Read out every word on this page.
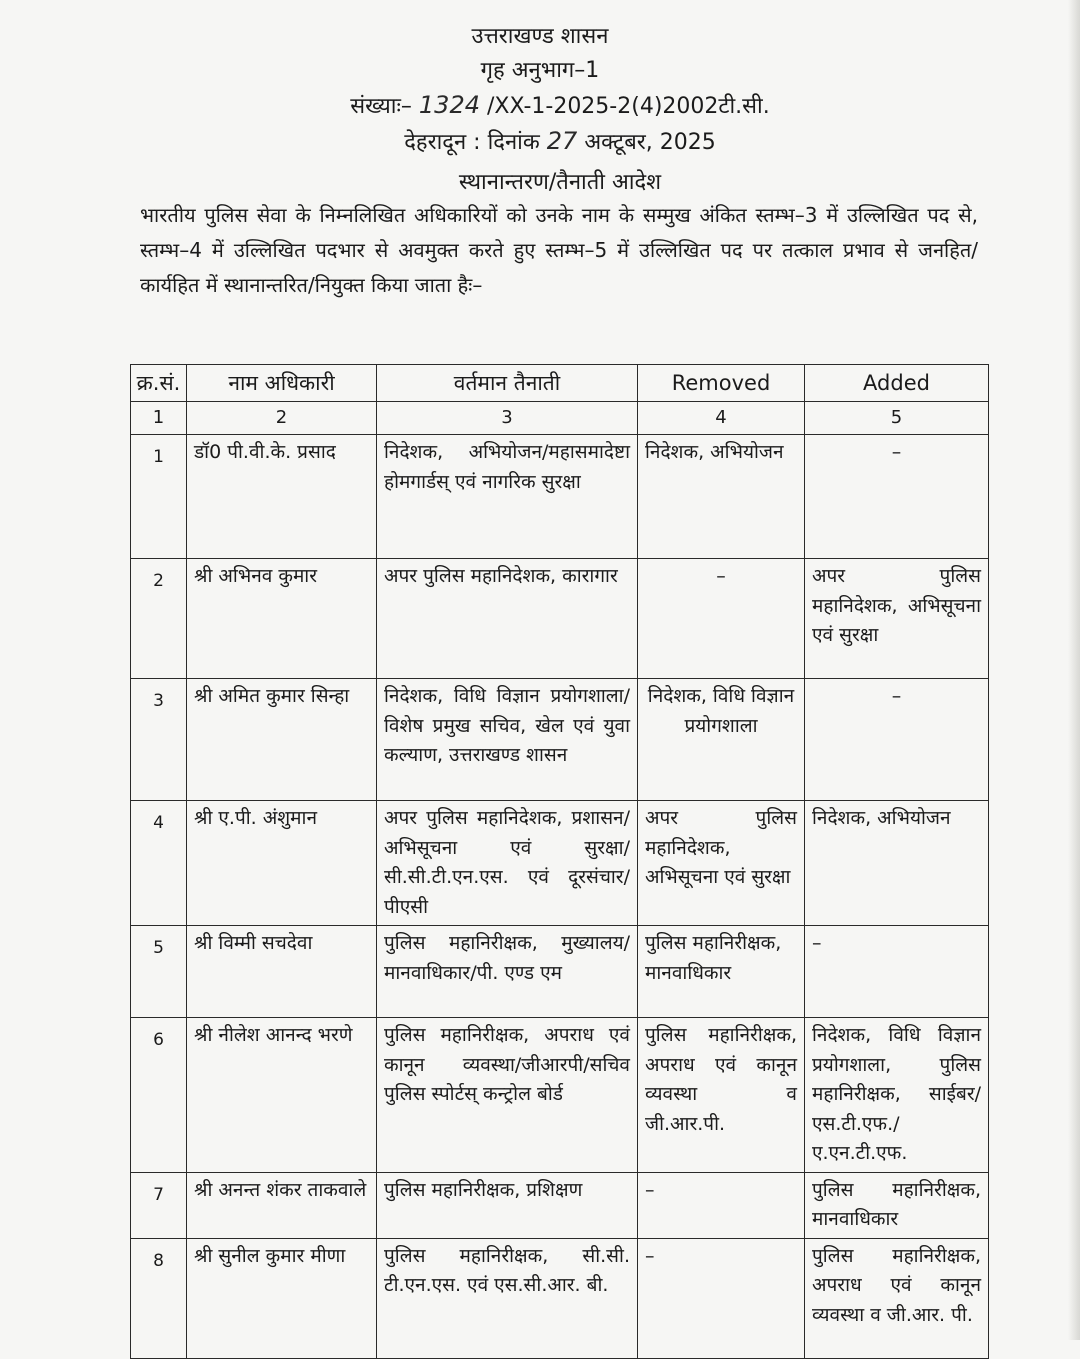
उत्तराखण्ड शासन
गृह अनुभाग–1
संख्याः– 1324 /XX-1-2025-2(4)2002टी.सी.
देहरादून : दिनांक 27 अक्टूबर, 2025
स्थानान्तरण/तैनाती आदेश
भारतीय पुलिस सेवा के निम्नलिखित अधिकारियों को उनके नाम के सम्मुख अंकित स्तम्भ–3 में उल्लिखित पद से, स्तम्भ–4 में उल्लिखित पदभार से अवमुक्त करते हुए स्तम्भ–5 में उल्लिखित पद पर तत्काल प्रभाव से जनहित/कार्यहित में स्थानान्तरित/नियुक्त किया जाता हैः–
क्र.सं.	नाम अधिकारी	वर्तमान तैनाती	Removed	Added
1	2	3	4	5
1	डॉ0 पी.वी.के. प्रसाद	निदेशक, अभियोजन/महासमादेष्टा होमगार्डस् एवं नागरिक सुरक्षा	निदेशक, अभियोजन	–
2	श्री अभिनव कुमार	अपर पुलिस महानिदेशक, कारागार	–	अपर पुलिस महानिदेशक, अभिसूचना एवं सुरक्षा
3	श्री अमित कुमार सिन्हा	निदेशक, विधि विज्ञान प्रयोगशाला/विशेष प्रमुख सचिव, खेल एवं युवा कल्याण, उत्तराखण्ड शासन	निदेशक, विधि विज्ञान प्रयोगशाला	–
4	श्री ए.पी. अंशुमान	अपर पुलिस महानिदेशक, प्रशासन/अभिसूचना एवं सुरक्षा/सी.सी.टी.एन.एस. एवं दूरसंचार/पीएसी	अपर पुलिस महानिदेशक, अभिसूचना एवं सुरक्षा	निदेशक, अभियोजन
5	श्री विम्मी सचदेवा	पुलिस महानिरीक्षक, मुख्यालय/मानवाधिकार/पी. एण्ड एम	पुलिस महानिरीक्षक, मानवाधिकार	–
6	श्री नीलेश आनन्द भरणे	पुलिस महानिरीक्षक, अपराध एवं कानून व्यवस्था/जीआरपी/सचिव पुलिस स्पोर्टस् कन्ट्रोल बोर्ड	पुलिस महानिरीक्षक, अपराध एवं कानून व्यवस्था व जी.आर.पी.	निदेशक, विधि विज्ञान प्रयोगशाला, पुलिस महानिरीक्षक, साईबर/एस.टी.एफ./ए.एन.टी.एफ.
7	श्री अनन्त शंकर ताकवाले	पुलिस महानिरीक्षक, प्रशिक्षण	–	पुलिस महानिरीक्षक, मानवाधिकार
8	श्री सुनील कुमार मीणा	पुलिस महानिरीक्षक, सी.सी. टी.एन.एस. एवं एस.सी.आर. बी.	–	पुलिस महानिरीक्षक, अपराध एवं कानून व्यवस्था व जी.आर. पी.
